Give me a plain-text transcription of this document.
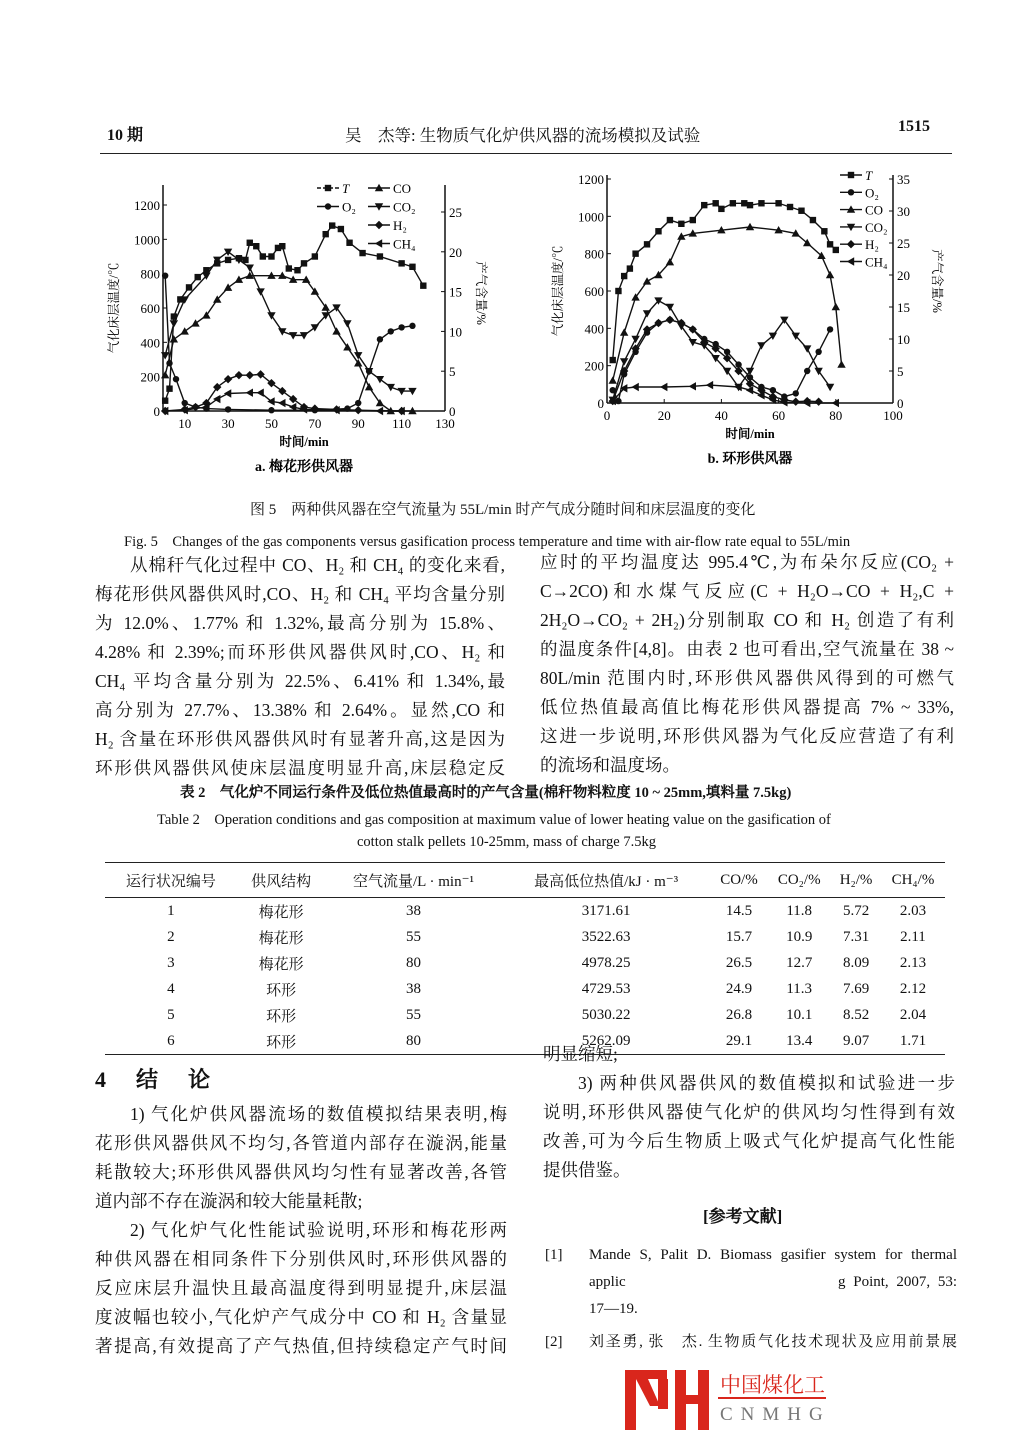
10 期	吴　杰等: 生物质气化炉供风器的流场模拟及试验	1515
10 30 50 70 90 110 130
0
200
400
600
800
1000
1200
0
5
10
15
20
25
时间/min
气化床层温度/℃	产气含量/%
a. 梅花形供风器
T
O₂
CO
CO₂
H₂
CH₄
0	20	40	60	80	100
0
200
400
600
800
1000
1200
0
5
10
15
20
25
30
35
时间/min
气化床层温度/℃	产气含量/%
b. 环形供风器
T
O₂
CO
CO₂
H₂
CH₄
图 5　两种供风器在空气流量为 55L/min 时产气成分随时间和床层温度的变化
Fig. 5　Changes of the gas components versus gasification process temperature and time with air-flow rate equal to 55L/min
从棉秆气化过程中 CO、H₂ 和 CH₄ 的变化来看,
梅花形供风器供风时,CO、H₂ 和 CH₄ 平均含量分别
为 12.0%、1.77% 和 1.32%,最高分别为 15.8%、
4.28% 和 2.39%;而环形供风器供风时,CO、H₂ 和
CH₄ 平均含量分别为 22.5%、6.41% 和 1.34%,最
高分别为 27.7%、13.38% 和 2.64%。显然,CO 和
H₂ 含量在环形供风器供风时有显著升高,这是因为
环形供风器供风使床层温度明显升高,床层稳定反
应时的平均温度达 995.4℃,为布朵尔反应(CO₂ +
C→2CO)和水煤气反应(C + H₂O→CO + H₂,C +
2H₂O→CO₂ + 2H₂)分别制取 CO 和 H₂ 创造了有利
的温度条件[4,8]。由表 2 也可看出,空气流量在 38 ~
80L/min 范围内时,环形供风器供风得到的可燃气
低位热值最高值比梅花形供风器提高 7% ~ 33%,
这进一步说明,环形供风器为气化反应营造了有利
的流场和温度场。
表 2　气化炉不同运行条件及低位热值最高时的产气含量(棉秆物料粒度 10 ~ 25mm,填料量 7.5kg)
Table 2　Operation conditions and gas composition at maximum value of lower heating value on the gasification of
cotton stalk pellets 10-25mm, mass of charge 7.5kg
运行状况编号	供风结构	空气流量/L · min⁻¹	最高低位热值/kJ · m⁻³	CO/%	CO₂/%	H₂/%	CH₄/%
1	梅花形	38	3171.61	14.5	11.8	5.72	2.03
2	梅花形	55	3522.63	15.7	10.9	7.31	2.11
3	梅花形	80	4978.25	26.5	12.7	8.09	2.13
4	环形	38	4729.53	24.9	11.3	7.69	2.12
5	环形	55	5030.22	26.8	10.1	8.52	2.04
6	环形	80	5262.09	29.1	13.4	9.07	1.71
4　结　论
1) 气化炉供风器流场的数值模拟结果表明,梅
花形供风器供风不均匀,各管道内部存在漩涡,能量
耗散较大;环形供风器供风均匀性有显著改善,各管
道内部不存在漩涡和较大能量耗散;
2) 气化炉气化性能试验说明,环形和梅花形两
种供风器在相同条件下分别供风时,环形供风器的
反应床层升温快且最高温度得到明显提升,床层温
度波幅也较小,气化炉产气成分中 CO 和 H₂ 含量显
著提高,有效提高了产气热值,但持续稳定产气时间
明显缩短;
3) 两种供风器供风的数值模拟和试验进一步
说明,环形供风器使气化炉的供风均匀性得到有效
改善,可为今后生物质上吸式气化炉提高气化性能
提供借鉴。
[参考文献]
[1]	Mande S, Palit D. Biomass gasifier system for thermal
applic　　　　　　　　　　　g Point, 2007, 53:
17—19.
[2]	刘圣勇, 张　杰. 生物质气化技术现状及应用前景展
中国煤化工
CNMHG
